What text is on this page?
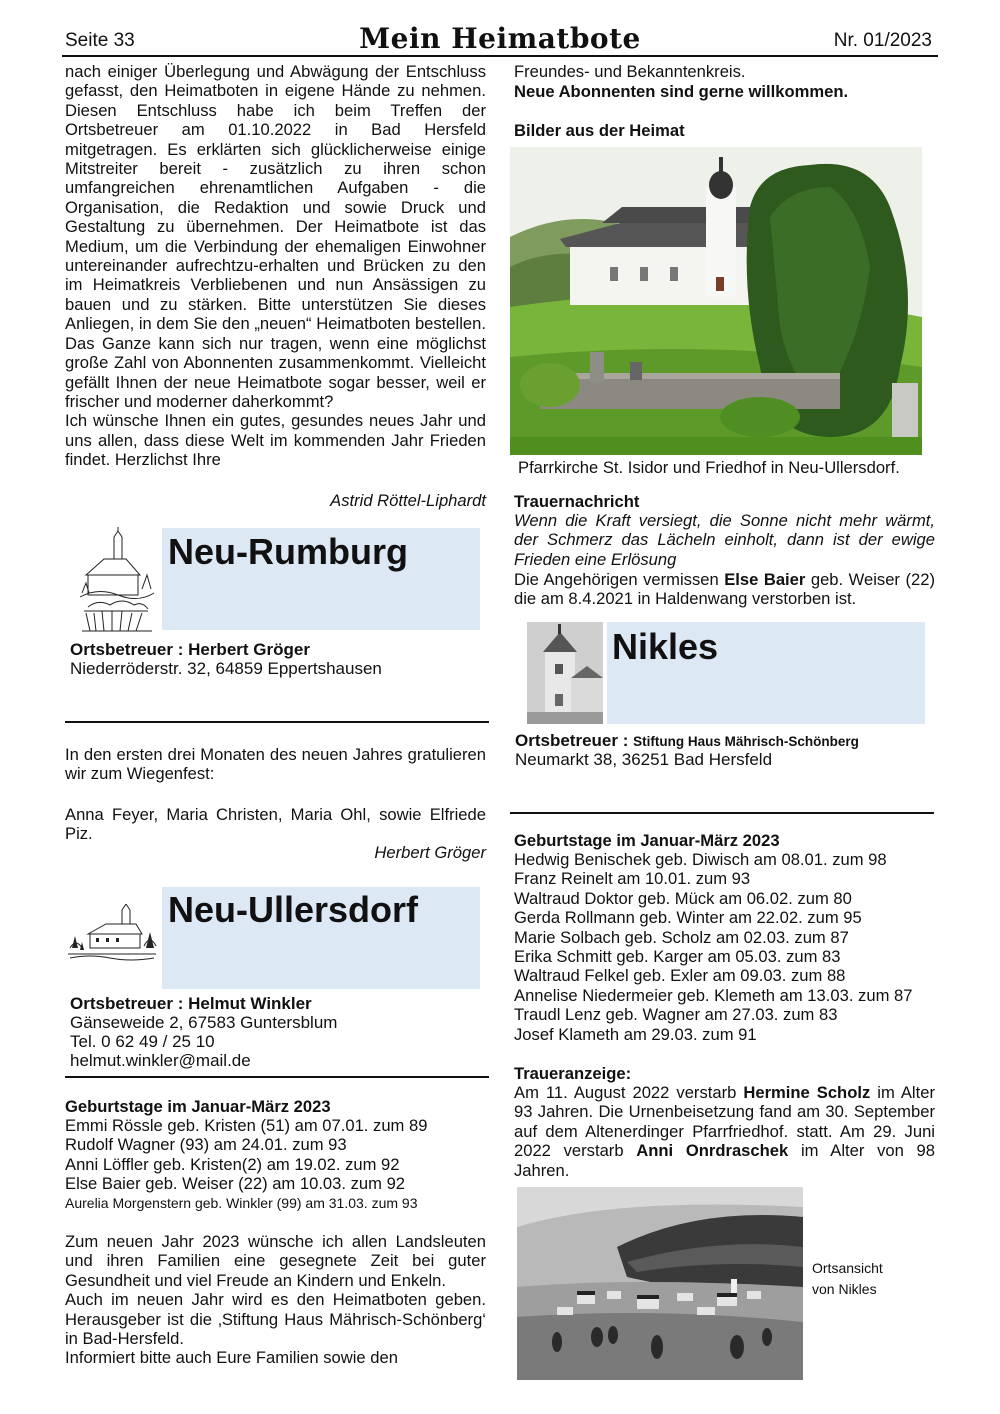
Seite 33	Mein Heimatbote	Nr. 01/2023

nach einiger Überlegung und Abwägung der Entschluss gefasst, den Heimatboten in eigene Hände zu nehmen. Diesen Entschluss habe ich beim Treffen der Ortsbetreuer am 01.10.2022 in Bad Hersfeld mitgetragen. Es erklärten sich glücklicherweise einige Mitstreiter bereit - zusätzlich zu ihren schon umfangreichen ehrenamtlichen Aufgaben - die Organisation, die Redaktion und sowie Druck und Gestaltung zu übernehmen. Der Heimatbote ist das Medium, um die Verbindung der ehemaligen Einwohner untereinander aufrechtzu-erhalten und Brücken zu den im Heimatkreis Verbliebenen und nun Ansässigen zu bauen und zu stärken. Bitte unterstützen Sie dieses Anliegen, in dem Sie den „neuen“ Heimatboten bestellen. Das Ganze kann sich nur tragen, wenn eine möglichst große Zahl von Abonnenten zusammenkommt. Vielleicht gefällt Ihnen der neue Heimatbote sogar besser, weil er frischer und moderner daherkommt?

Ich wünsche Ihnen ein gutes, gesundes neues Jahr und uns allen, dass diese Welt im kommenden Jahr Frieden findet. Herzlichst Ihre

Astrid Röttel-Liphardt
Neu-Rumburg
Ortsbetreuer : Herbert Gröger
Niederröderstr. 32, 64859 Eppertshausen
In den ersten drei Monaten des neuen Jahres gratulieren wir zum Wiegenfest:
Anna Feyer, Maria Christen, Maria Ohl, sowie Elfriede Piz.
Herbert Gröger
Neu-Ullersdorf
Ortsbetreuer : Helmut Winkler
Gänseweide 2, 67583 Guntersblum
Tel. 0 62 49 / 25 10
helmut.winkler@mail.de
Geburtstage im Januar-März 2023
Emmi Rössle geb. Kristen (51) am 07.01. zum 89
Rudolf Wagner (93) am 24.01. zum 93
Anni Löffler geb. Kristen(2) am 19.02. zum 92
Else Baier geb. Weiser (22) am 10.03. zum 92
Aurelia Morgenstern geb. Winkler (99) am 31.03. zum 93

Zum neuen Jahr 2023 wünsche ich allen Landsleuten und ihren Familien eine gesegnete Zeit bei guter Gesundheit und viel Freude an Kindern und Enkeln.

Auch im neuen Jahr wird es den Heimatboten geben. Herausgeber ist die ‚Stiftung Haus Mährisch-Schönberg‘ in Bad-Hersfeld.

Informiert bitte auch Eure Familien sowie den

Freundes- und Bekanntenkreis.
Neue Abonnenten sind gerne willkommen.
Bilder aus der Heimat
Pfarrkirche St. Isidor und Friedhof in Neu-Ullersdorf.
Trauernachricht
Wenn die Kraft versiegt, die Sonne nicht mehr wärmt, der Schmerz das Lächeln einholt, dann ist der ewige Frieden eine Erlösung
Die Angehörigen vermissen Else Baier geb. Weiser (22) die am 8.4.2021 in Haldenwang verstorben ist.
Nikles
Ortsbetreuer : Stiftung Haus Mährisch-Schönberg
Neumarkt 38, 36251 Bad Hersfeld
Geburtstage im Januar-März 2023
Hedwig Benischek geb. Diwisch am 08.01. zum 98
Franz Reinelt am 10.01. zum 93
Waltraud Doktor geb. Mück am 06.02. zum 80
Gerda Rollmann geb. Winter am 22.02. zum 95
Marie Solbach geb. Scholz am 02.03. zum 87
Erika Schmitt geb. Karger am 05.03. zum 83
Waltraud Felkel geb. Exler am 09.03. zum 88
Annelise Niedermeier geb. Klemeth am 13.03. zum 87
Traudl Lenz geb. Wagner am 27.03. zum 83
Josef Klameth am 29.03. zum 91
Traueranzeige:
Am 11. August 2022 verstarb Hermine Scholz im Alter 93 Jahren. Die Urnenbeisetzung fand am 30. September auf dem Altenerdinger Pfarrfriedhof. statt. Am 29. Juni 2022 verstarb Anni Onrdraschek im Alter von 98 Jahren.
Ortsansicht
von Nikles
